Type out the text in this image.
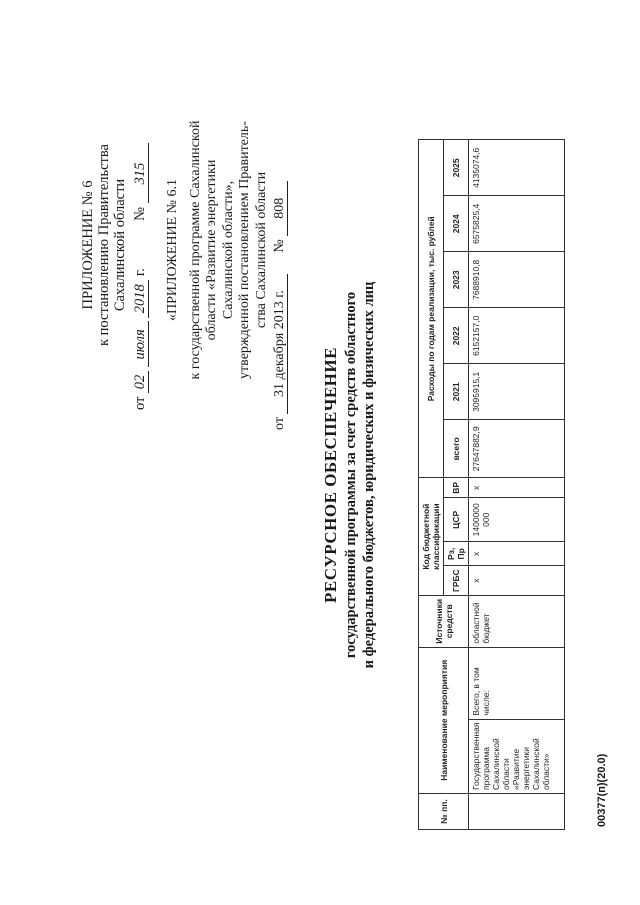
ПРИЛОЖЕНИЕ № 6 к постановлению Правительства Сахалинской области
от 02 июля 2018 г.  № 315
«ПРИЛОЖЕНИЕ № 6.1 к государственной программе Сахалинской области «Развитие энергетики Сахалинской области», утвержденной постановлением Правитель- ства Сахалинской области
от 31 декабря 2013 г.  № 808
РЕСУРСНОЕ ОБЕСПЕЧЕНИЕ государственной программы за счет средств областного и федерального бюджетов, юридических и физических лиц
№ пп.	Наименование мероприятия		Источники средств	Код бюджетной классификации				Расходы по годам реализации, тыс. рублей					
				ГРБС	Рз, Пр	ЦСР	ВР	всего	2021	2022	2023	2024	2025
	Государственная программа Сахалинской области «Развитие энергетики Сахалинской области»	Всего, в том числе:	областной бюджет	х	х	1400000000	х	27647882,9	3095915,1	6152157,0	7688910,8	6575825,4	4135074,6
00377(п)(20.0)
